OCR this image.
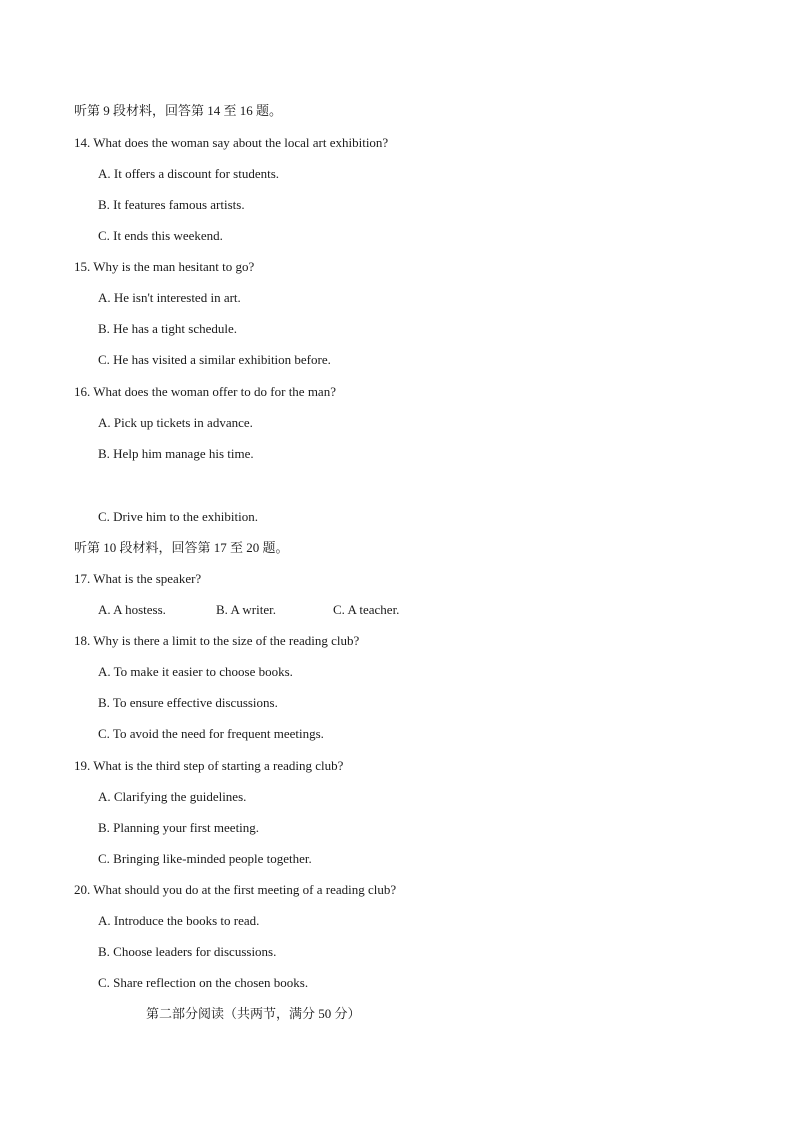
听第 9 段材料，回答第 14 至 16 题。
14. What does the woman say about the local art exhibition?
A. It offers a discount for students.
B. It features famous artists.
C. It ends this weekend.
15. Why is the man hesitant to go?
A. He isn't interested in art.
B. He has a tight schedule.
C. He has visited a similar exhibition before.
16. What does the woman offer to do for the man?
A. Pick up tickets in advance.
B. Help him manage his time.
C. Drive him to the exhibition.
听第 10 段材料，回答第 17 至 20 题。
17. What is the speaker?
A. A hostess.	B. A writer.	C. A teacher.
18. Why is there a limit to the size of the reading club?
A. To make it easier to choose books.
B. To ensure effective discussions.
C. To avoid the need for frequent meetings.
19. What is the third step of starting a reading club?
A. Clarifying the guidelines.
B. Planning your first meeting.
C. Bringing like-minded people together.
20. What should you do at the first meeting of a reading club?
A. Introduce the books to read.
B. Choose leaders for discussions.
C. Share reflection on the chosen books.
第二部分阅读（共两节，满分 50 分）
